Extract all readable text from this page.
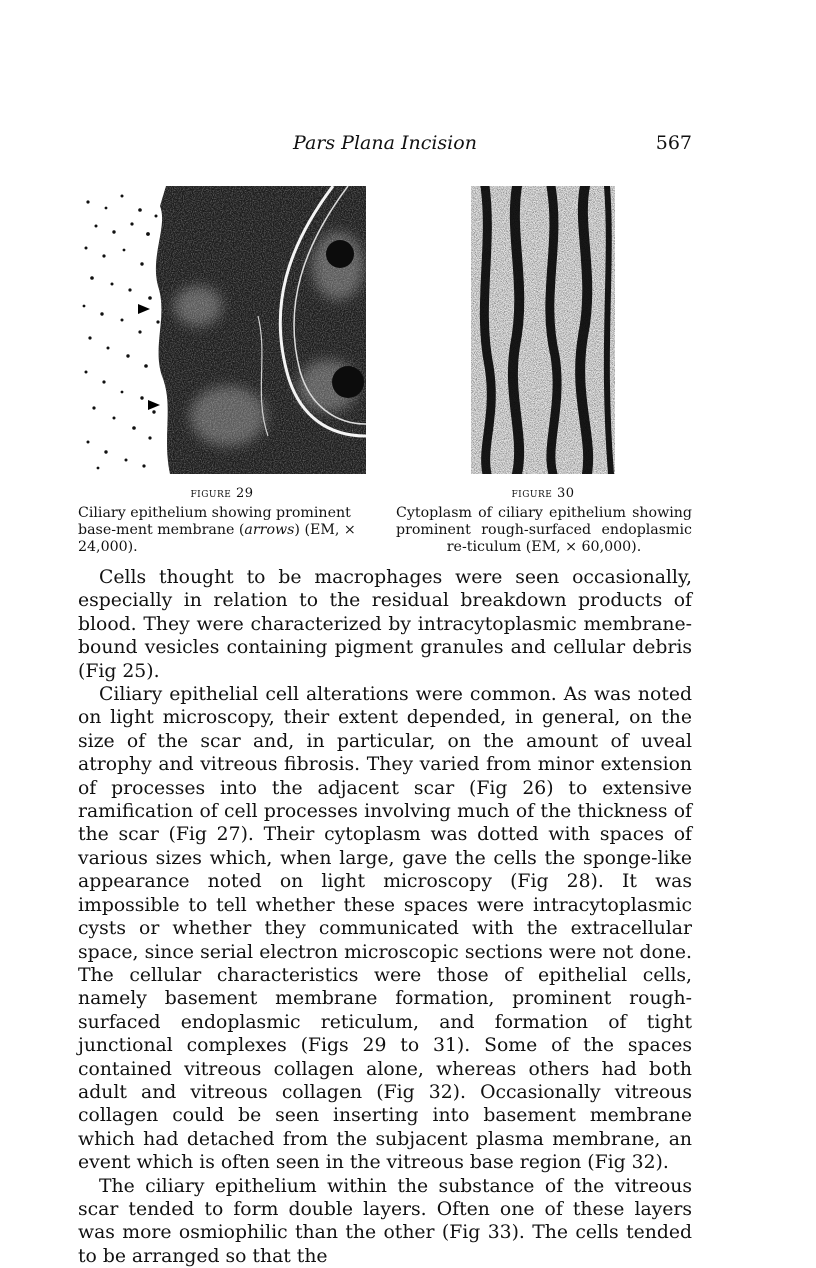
Pars Plana Incision	567
figure 29
Ciliary epithelium showing prominent base-ment membrane (arrows) (EM, × 24,000).
figure 30
Cytoplasm of ciliary epithelium showing prominent rough-surfaced endoplasmic re-ticulum (EM, × 60,000).

Cells thought to be macrophages were seen occasionally, especially in relation to the residual breakdown products of blood. They were characterized by intracytoplasmic membrane-bound vesicles containing pigment granules and cellular debris (Fig 25).

Ciliary epithelial cell alterations were common. As was noted on light microscopy, their extent depended, in general, on the size of the scar and, in particular, on the amount of uveal atrophy and vitreous fibrosis. They varied from minor extension of processes into the adjacent scar (Fig 26) to extensive ramification of cell processes involving much of the thickness of the scar (Fig 27). Their cytoplasm was dotted with spaces of various sizes which, when large, gave the cells the sponge-like appearance noted on light microscopy (Fig 28). It was impossible to tell whether these spaces were intracytoplasmic cysts or whether they communicated with the extracellular space, since serial electron microscopic sections were not done. The cellular characteristics were those of epithelial cells, namely basement membrane formation, prominent rough-surfaced endoplasmic reticulum, and formation of tight junctional complexes (Figs 29 to 31). Some of the spaces contained vitreous collagen alone, whereas others had both adult and vitreous collagen (Fig 32). Occasionally vitreous collagen could be seen inserting into basement membrane which had detached from the subjacent plasma membrane, an event which is often seen in the vitreous base region (Fig 32).

The ciliary epithelium within the substance of the vitreous scar tended to form double layers. Often one of these layers was more osmiophilic than the other (Fig 33). The cells tended to be arranged so that the
